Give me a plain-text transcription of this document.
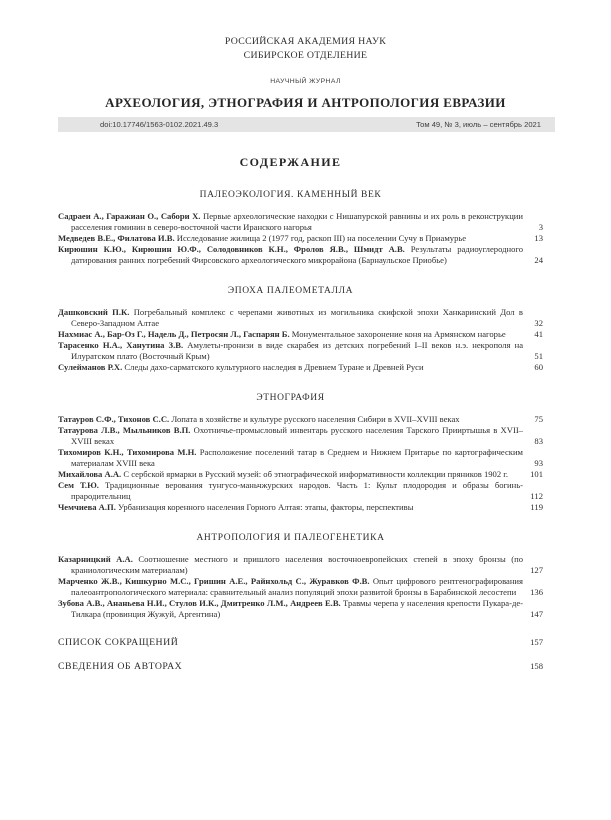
РОССИЙСКАЯ АКАДЕМИЯ НАУК
СИБИРСКОЕ ОТДЕЛЕНИЕ
НАУЧНЫЙ ЖУРНАЛ
АРХЕОЛОГИЯ, ЭТНОГРАФИЯ И АНТРОПОЛОГИЯ ЕВРАЗИИ
doi:10.17746/1563-0102.2021.49.3	Том 49, № 3, июль – сентябрь 2021
СОДЕРЖАНИЕ
ПАЛЕОЭКОЛОГИЯ. КАМЕННЫЙ ВЕК
Садраеи А., Гаражиан О., Сабори Х. Первые археологические находки с Нишапурской равнины и их роль в реконструкции расселения гоминин в северо-восточной части Иранского нагорья	3
Медведев В.Е., Филатова И.В. Исследование жилища 2 (1977 год, раскоп III) на поселении Сучу в Приамурье	13
Кирюшин К.Ю., Кирюшин Ю.Ф., Солодовников К.Н., Фролов Я.В., Шмидт А.В. Результаты радиоуглеродного датирования ранних погребений Фирсовского археологического микрорайона (Барнаульское Приобье)	24
ЭПОХА ПАЛЕОМЕТАЛЛА
Дашковский П.К. Погребальный комплекс с черепами животных из могильника скифской эпохи Ханкаринский Дол в Северо-Западном Алтае	32
Нахмиас А., Бар-Оз Г., Надель Д., Петросян Л., Гаспарян Б. Монументальное захоронение коня на Армянском нагорье	41
Тарасенко Н.А., Ханутина З.В. Амулеты-пронизи в виде скарабея из детских погребений I–II веков н.э. некрополя на Илуратском плато (Восточный Крым)	51
Сулейманов Р.Х. Следы дахо-сарматского культурного наследия в Древнем Туране и Древней Руси	60
ЭТНОГРАФИЯ
Татауров С.Ф., Тихонов С.С. Лопата в хозяйстве и культуре русского населения Сибири в XVII–XVIII веках	75
Татаурова Л.В., Мыльников В.П. Охотничье-промысловый инвентарь русского населения Тарского Прииртышья в XVII–XVIII веках	83
Тихомиров К.Н., Тихомирова М.Н. Расположение поселений татар в Среднем и Нижнем Притарье по картографическим материалам XVIII века	93
Михайлова А.А. С сербской ярмарки в Русский музей: об этнографической информативности коллекции пряников 1902 г.	101
Сем Т.Ю. Традиционные верования тунгусо-маньчжурских народов. Часть 1: Культ плодородия и образы богинь-прародительниц	112
Чемчиева А.П. Урбанизация коренного населения Горного Алтая: этапы, факторы, перспективы	119
АНТРОПОЛОГИЯ И ПАЛЕОГЕНЕТИКА
Казарницкий А.А. Соотношение местного и пришлого населения восточноевропейских степей в эпоху бронзы (по краниологическим материалам)	127
Марченко Ж.В., Кишкурно М.С., Гришин А.Е., Райнхольд С., Журавков Ф.В. Опыт цифрового рентгенографирования палеоантропологического материала: сравнительный анализ популяций эпохи развитой бронзы в Барабинской лесостепи	136
Зубова А.В., Ананьева Н.И., Стулов И.К., Дмитренко Л.М., Андреев Е.В. Травмы черепа у населения крепости Пукара-де-Тилкара (провинция Жужуй, Аргентина)	147
СПИСОК СОКРАЩЕНИЙ	157
СВЕДЕНИЯ ОБ АВТОРАХ	158
